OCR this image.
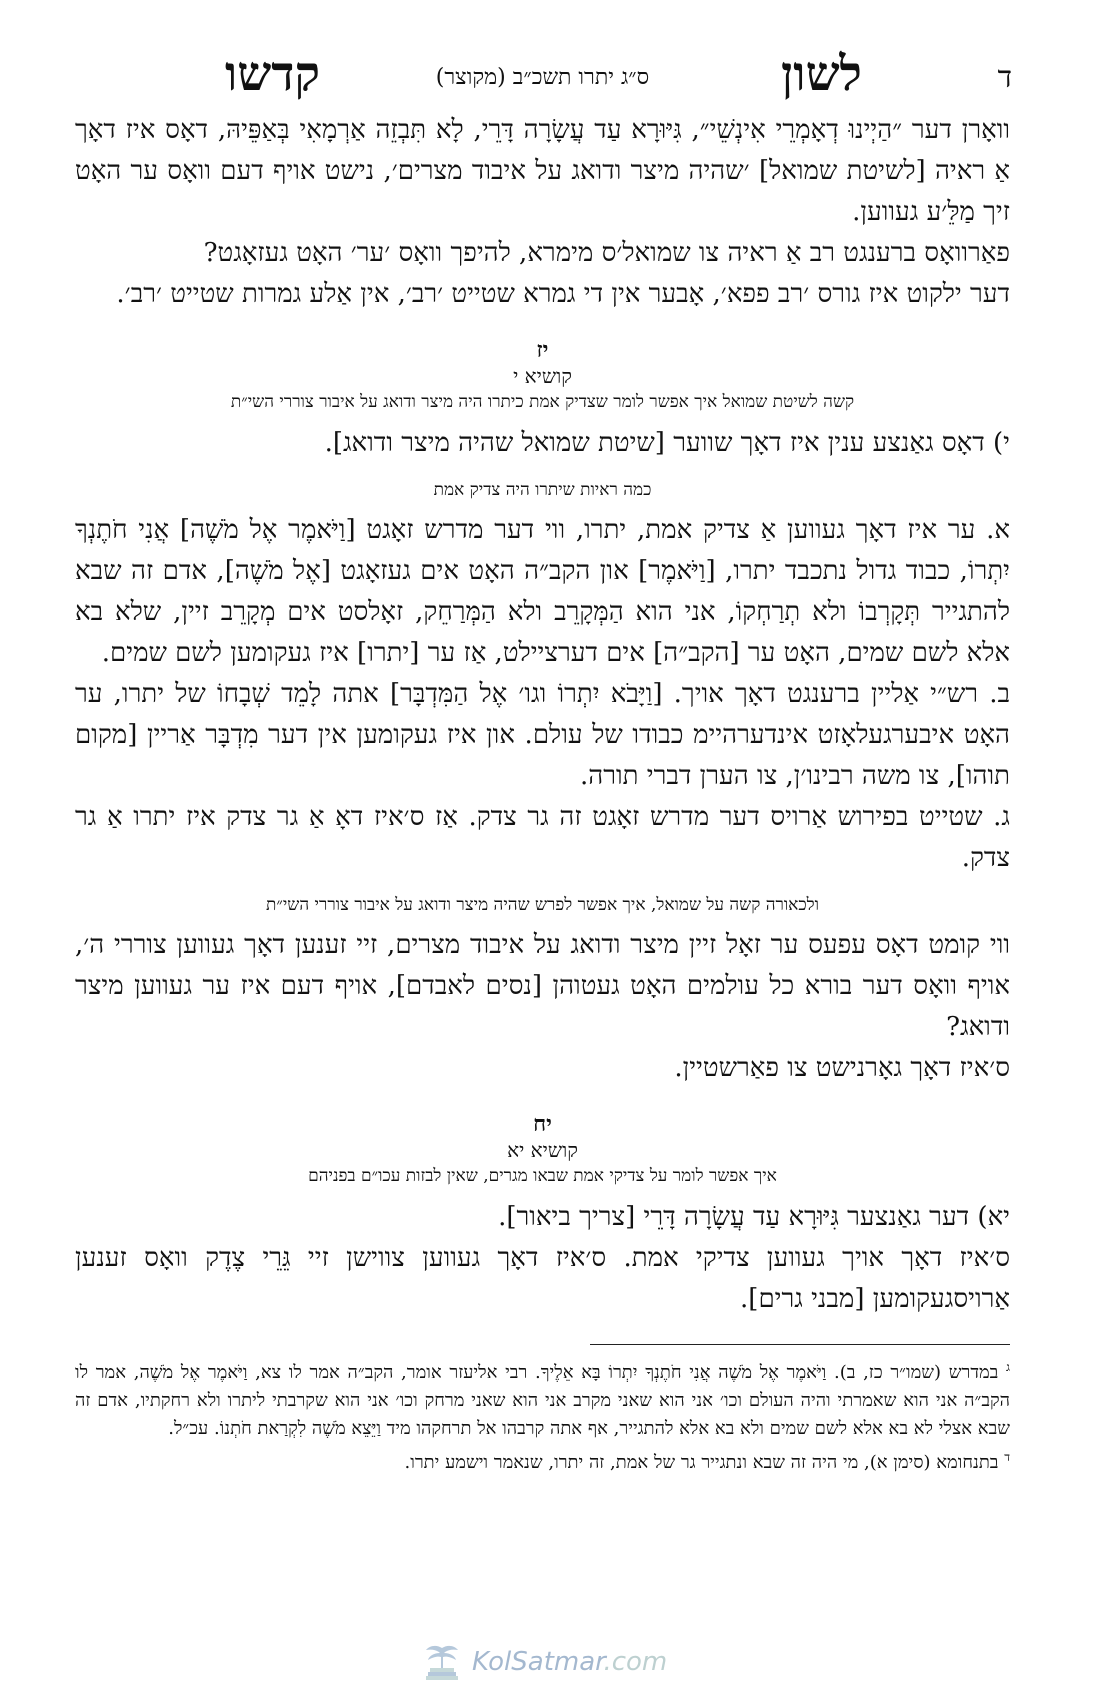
ד
לשון
ס״ג יתרו תשכ״ב (מקוצר)
קדשו

וואָרן דער ״הַיְינוּ דְאָמְרֵי אִינְשֵׁי״, גִּיּוּרָא עַד עֲשָׂרָה דָּרֵי, לָא תִּבְזֵה אַרְמָאִי בְּאַפֵּיהּ, דאָס איז דאָך אַ ראיה [לשיטת שמואל] ׳שהיה מיצר ודואג על איבוד מצרים׳, נישט אויף דעם וואָס ער האָט זיך מַלֵּ׳ע געווען.

פאַרוואָס ברענגט רב אַ ראיה צו שמואל׳ס מימרא, להיפך וואָס ׳ער׳ האָט געזאָגט?

דער ילקוט איז גורס ׳רב פפא׳, אָבער אין די גמרא שטייט ׳רב׳, אין אַלע גמרות שטייט ׳רב׳.

יז
קושיא י
קשה לשיטת שמואל איך אפשר לומר שצדיק אמת כיתרו היה מיצר ודואג על איבור צוררי השי״ת

י) דאָס גאַנצע ענין איז דאָך שווער [שיטת שמואל שהיה מיצר ודואג].

כמה ראיות שיתרו היה צדיק אמת

א. ער איז דאָך געווען אַ צדיק אמת, יתרו, ווי דער מדרש זאָגט [וַיֹּאמֶר אֶל מֹשֶׁה] אֲנִי חֹתֶנְךָ יִתְרוֹ, כבוד גדול נתכבד יתרו, [וַיֹּאמֶר] און הקב״ה האָט אים געזאָגט [אֶל מֹשֶׁה], אדם זה שבא להתגייר תְּקָרְבוֹ ולא תְרַחְקוֹ, אני הוא הַמְּקָרֵב ולא הַמְּרַחֵק, זאָלסט אים מְקָרֵב זיין, שלא בא אלא לשם שמים, האָט ער [הקב״ה] אים דערציילט, אַז ער [יתרו] איז געקומען לשם שמים.

ב. רש״י אַליין ברענגט דאָך אויך. [וַיָּבֹא יִתְרוֹ וגו׳ אֶל הַמִּדְבָּר] אתה לָמֵד שְׁבָחוֹ של יתרו, ער האָט איבערגעלאָזט אינדערהיימ כבודו של עולם. און איז געקומען אין דער מִדְבָּר אַריין [מקום תוהו], צו משה רבינו׳ן, צו הערן דברי תורה.

ג. שטייט בפירוש אַרויס דער מדרש זאָגט זה גר צדק. אַז ס׳איז דאָ אַ גר צדק איז יתרו אַ גר צדק.

ולכאורה קשה על שמואל, איך אפשר לפרש שהיה מיצר ודואג על איבור צוררי השי״ת

ווי קומט דאָס עפעס ער זאָל זיין מיצר ודואג על איבוד מצרים, זיי זענען דאָך געווען צוררי ה׳, אויף וואָס דער בורא כל עולמים האָט געטוהן [נסים לאבדם], אויף דעם איז ער געווען מיצר ודואג?

ס׳איז דאָך גאָרנישט צו פאַרשטיין.

יח
קושיא יא
איך אפשר לומר על צדיקי אמת שבאו מגרים, שאין לבזות עכו״ם בפניהם

יא) דער גאַנצער גִּיּוּרָא עַד עֲשָׂרָה דָּרֵי [צריך ביאור].

ס׳איז דאָך אויך געווען צדיקי אמת. ס׳איז דאָך געווען צווישן זיי גֵּרֵי צֶדֶק וואָס זענען אַרויסגעקומען [מבני גרים].

$^ג$ במדרש (שמו״ר כז, ב). וַיֹּאמֶר אֶל מֹשֶׁה אֲנִי חֹתֶנְךָ יִתְרוֹ בָּא אֵלֶיךָ. רבי אליעזר אומר, הקב״ה אמר לו צא, וַיֹּאמֶר אֶל מֹשֶׁה, אמר לו הקב״ה אני הוא שאמרתי והיה העולם וכו׳ אני הוא שאני מקרב אני הוא שאני מרחק וכו׳ אני הוא שקרבתי ליתרו ולא רחקתיו, אדם זה שבא אצלי לא בא אלא לשם שמים ולא בא אלא להתגייר, אף אתה קרבהו אל תרחקהו מיד וַיֵּצֵא מֹשֶׁה לִקְרַאת חֹתְנוֹ. עכ״ל.

$^ד$ בתנחומא (סימן א), מי היה זה שבא ונתגייר גר של אמת, זה יתרו, שנאמר וישמע יתרו.

KolSatmar.com
